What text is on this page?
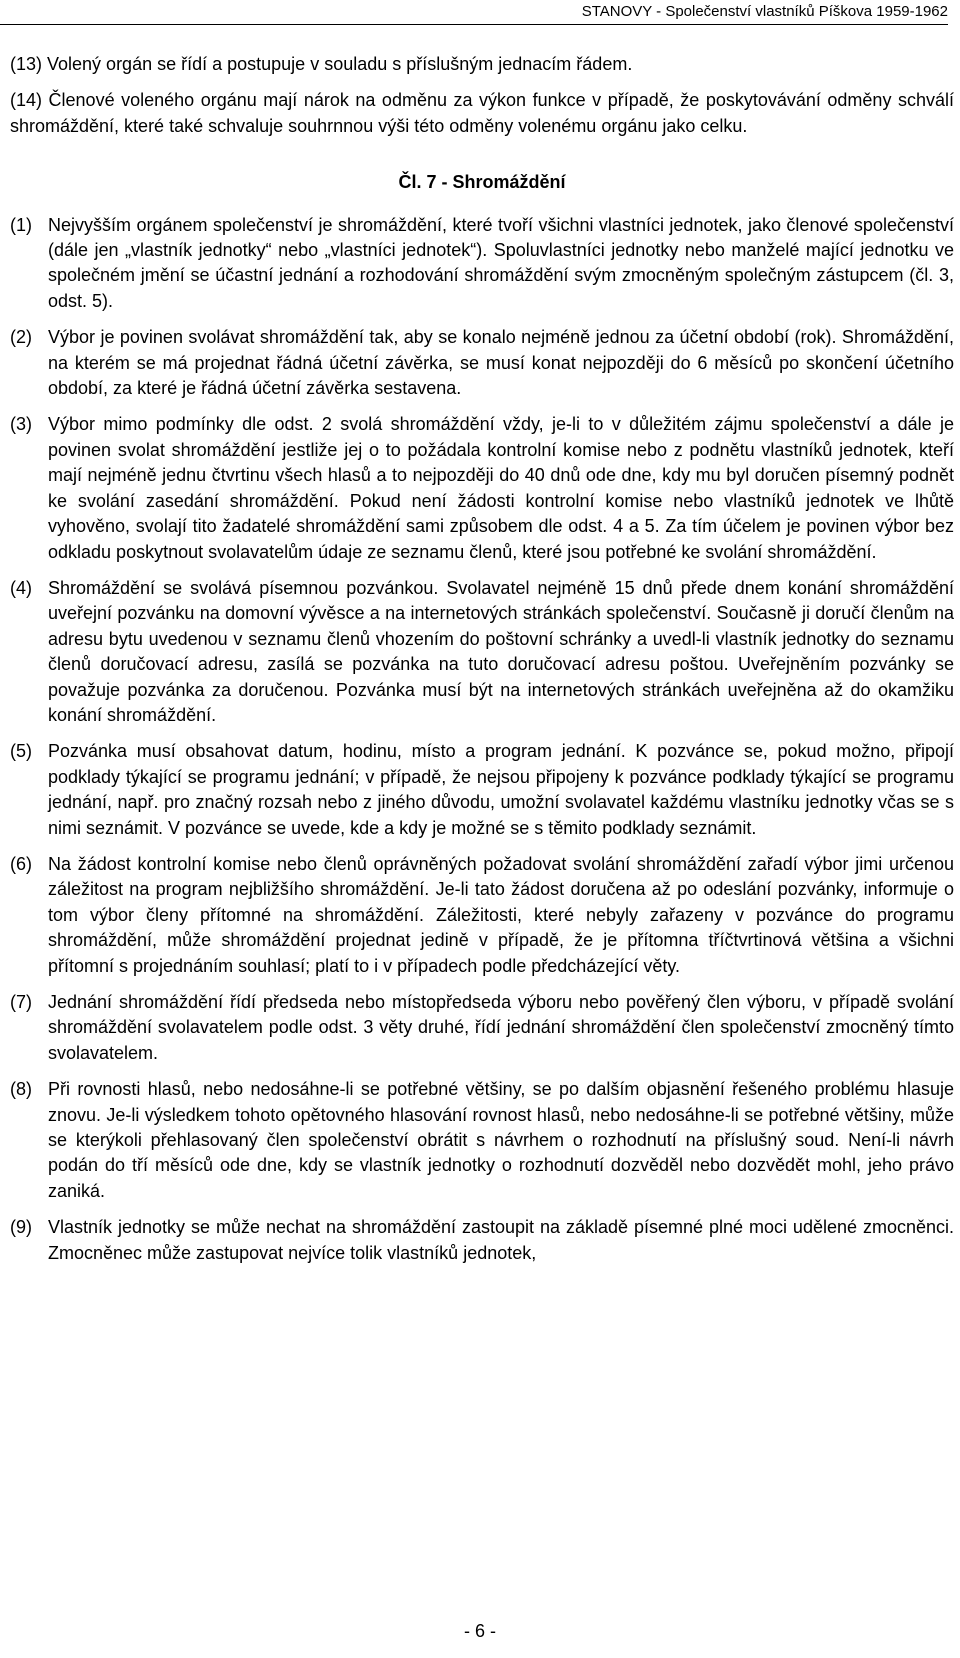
STANOVY - Společenství vlastníků Píškova 1959-1962
(13) Volený orgán se řídí a postupuje v souladu s příslušným jednacím řádem.
(14) Členové voleného orgánu mají nárok na odměnu za výkon funkce v případě, že poskytovávání odměny schválí shromáždění, které také schvaluje souhrnnou výši této odměny volenému orgánu jako celku.
Čl. 7 - Shromáždění
(1) Nejvyšším orgánem společenství je shromáždění, které tvoří všichni vlastníci jednotek, jako členové společenství (dále jen „vlastník jednotky“ nebo „vlastníci jednotek“). Spoluvlastníci jednotky nebo manželé mající jednotku ve společném jmění se účastní jednání a rozhodování shromáždění svým zmocněným společným zástupcem (čl. 3, odst. 5).
(2) Výbor je povinen svolávat shromáždění tak, aby se konalo nejméně jednou za účetní období (rok). Shromáždění, na kterém se má projednat řádná účetní závěrka, se musí konat nejpozději do 6 měsíců po skončení účetního období, za které je řádná účetní závěrka sestavena.
(3) Výbor mimo podmínky dle odst. 2 svolá shromáždění vždy, je-li to v důležitém zájmu společenství a dále je povinen svolat shromáždění jestliže jej o to požádala kontrolní komise nebo z podnětu vlastníků jednotek, kteří mají nejméně jednu čtvrtinu všech hlasů a to nejpozději do 40 dnů ode dne, kdy mu byl doručen písemný podnět ke svolání zasedání shromáždění. Pokud není žádosti kontrolní komise nebo vlastníků jednotek ve lhůtě vyhověno, svolají tito žadatelé shromáždění sami způsobem dle odst. 4 a 5. Za tím účelem je povinen výbor bez odkladu poskytnout svolavatelům údaje ze seznamu členů, které jsou potřebné ke svolání shromáždění.
(4) Shromáždění se svolává písemnou pozvánkou. Svolavatel nejméně 15 dnů přede dnem konání shromáždění uveřejní pozvánku na domovní vývěsce a na internetových stránkách společenství. Současně ji doručí členům na adresu bytu uvedenou v seznamu členů vhozením do poštovní schránky a uvedl-li vlastník jednotky do seznamu členů doručovací adresu, zasílá se pozvánka na tuto doručovací adresu poštou. Uveřejněním pozvánky se považuje pozvánka za doručenou. Pozvánka musí být na internetových stránkách uveřejněna až do okamžiku konání shromáždění.
(5) Pozvánka musí obsahovat datum, hodinu, místo a program jednání. K pozvánce se, pokud možno, připojí podklady týkající se programu jednání; v případě, že nejsou připojeny k pozvánce podklady týkající se programu jednání, např. pro značný rozsah nebo z jiného důvodu, umožní svolavatel každému vlastníku jednotky včas se s nimi seznámit. V pozvánce se uvede, kde a kdy je možné se s těmito podklady seznámit.
(6) Na žádost kontrolní komise nebo členů oprávněných požadovat svolání shromáždění zařadí výbor jimi určenou záležitost na program nejbližšího shromáždění. Je-li tato žádost doručena až po odeslání pozvánky, informuje o tom výbor členy přítomné na shromáždění. Záležitosti, které nebyly zařazeny v pozvánce do programu shromáždění, může shromáždění projednat jedině v případě, že je přítomna tříčtvrtinová většina a všichni přítomní s projednáním souhlasí; platí to i v případech podle předcházející věty.
(7) Jednání shromáždění řídí předseda nebo místopředseda výboru nebo pověřený člen výboru, v případě svolání shromáždění svolavatelem podle odst. 3 věty druhé, řídí jednání shromáždění člen společenství zmocněný tímto svolavatelem.
(8) Při rovnosti hlasů, nebo nedosáhne-li se potřebné většiny, se po dalším objasnění řešeného problému hlasuje znovu. Je-li výsledkem tohoto opětovného hlasování rovnost hlasů, nebo nedosáhne-li se potřebné většiny, může se kterýkoli přehlasovaný člen společenství obrátit s návrhem o rozhodnutí na příslušný soud. Není-li návrh podán do tří měsíců ode dne, kdy se vlastník jednotky o rozhodnutí dozvěděl nebo dozvědět mohl, jeho právo zaniká.
(9) Vlastník jednotky se může nechat na shromáždění zastoupit na základě písemné plné moci udělené zmocněnci. Zmocněnec může zastupovat nejvíce tolik vlastníků jednotek,
- 6 -
